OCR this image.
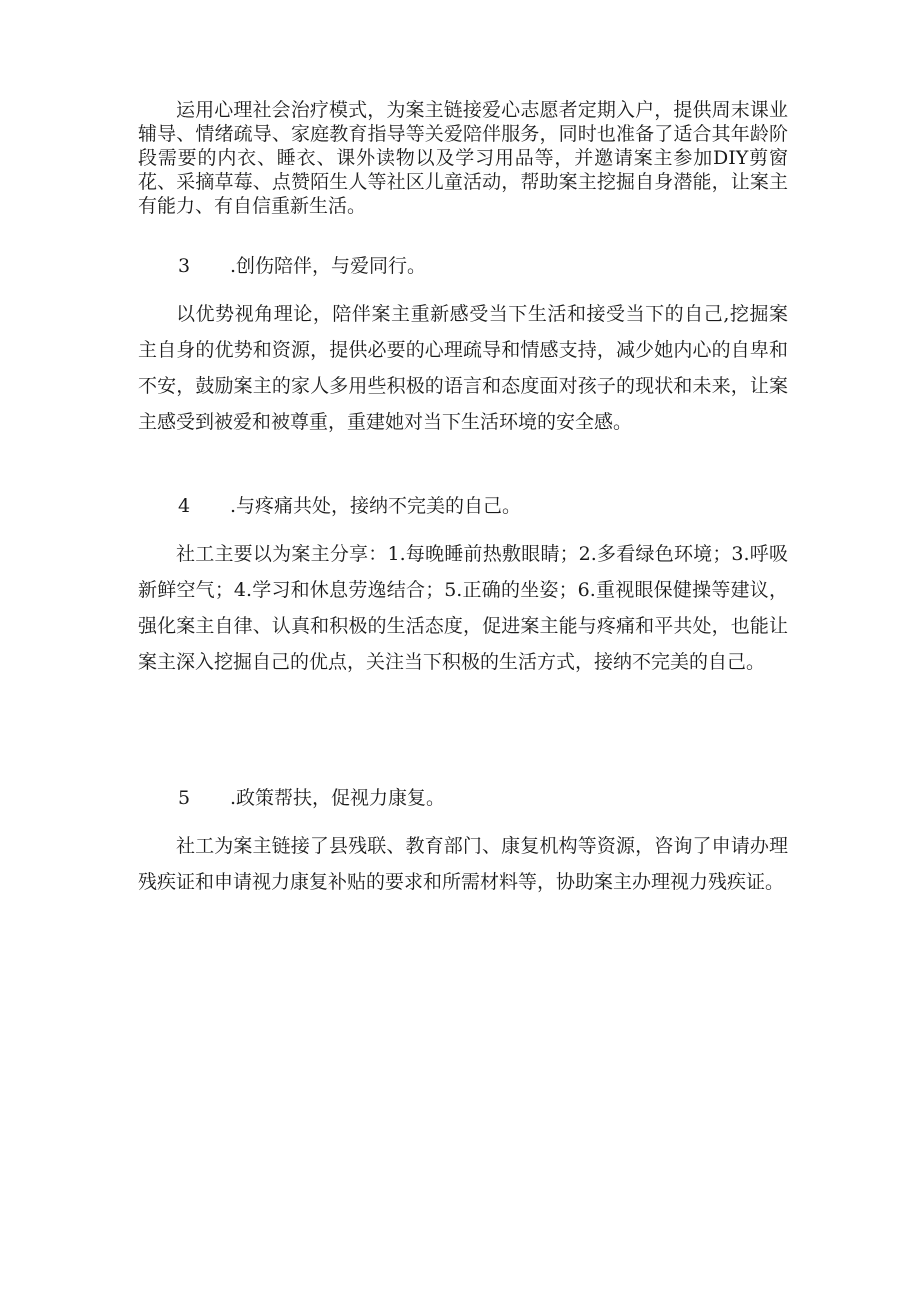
运用心理社会治疗模式，为案主链接爱心志愿者定期入户，提供周末课业辅导、情绪疏导、家庭教育指导等关爱陪伴服务，同时也准备了适合其年龄阶段需要的内衣、睡衣、课外读物以及学习用品等，并邀请案主参加DIY剪窗花、采摘草莓、点赞陌生人等社区儿童活动，帮助案主挖掘自身潜能，让案主有能力、有自信重新生活。

3 .创伤陪伴，与爱同行。

以优势视角理论，陪伴案主重新感受当下生活和接受当下的自己,挖掘案主自身的优势和资源，提供必要的心理疏导和情感支持，减少她内心的自卑和不安，鼓励案主的家人多用些积极的语言和态度面对孩子的现状和未来，让案主感受到被爱和被尊重，重建她对当下生活环境的安全感。

4 .与疼痛共处，接纳不完美的自己。

社工主要以为案主分享：1.每晚睡前热敷眼睛；2.多看绿色环境；3.呼吸新鲜空气；4.学习和休息劳逸结合；5.正确的坐姿；6.重视眼保健操等建议，强化案主自律、认真和积极的生活态度，促进案主能与疼痛和平共处，也能让案主深入挖掘自己的优点，关注当下积极的生活方式，接纳不完美的自己。

5 .政策帮扶，促视力康复。

社工为案主链接了县残联、教育部门、康复机构等资源，咨询了申请办理残疾证和申请视力康复补贴的要求和所需材料等，协助案主办理视力残疾证。
